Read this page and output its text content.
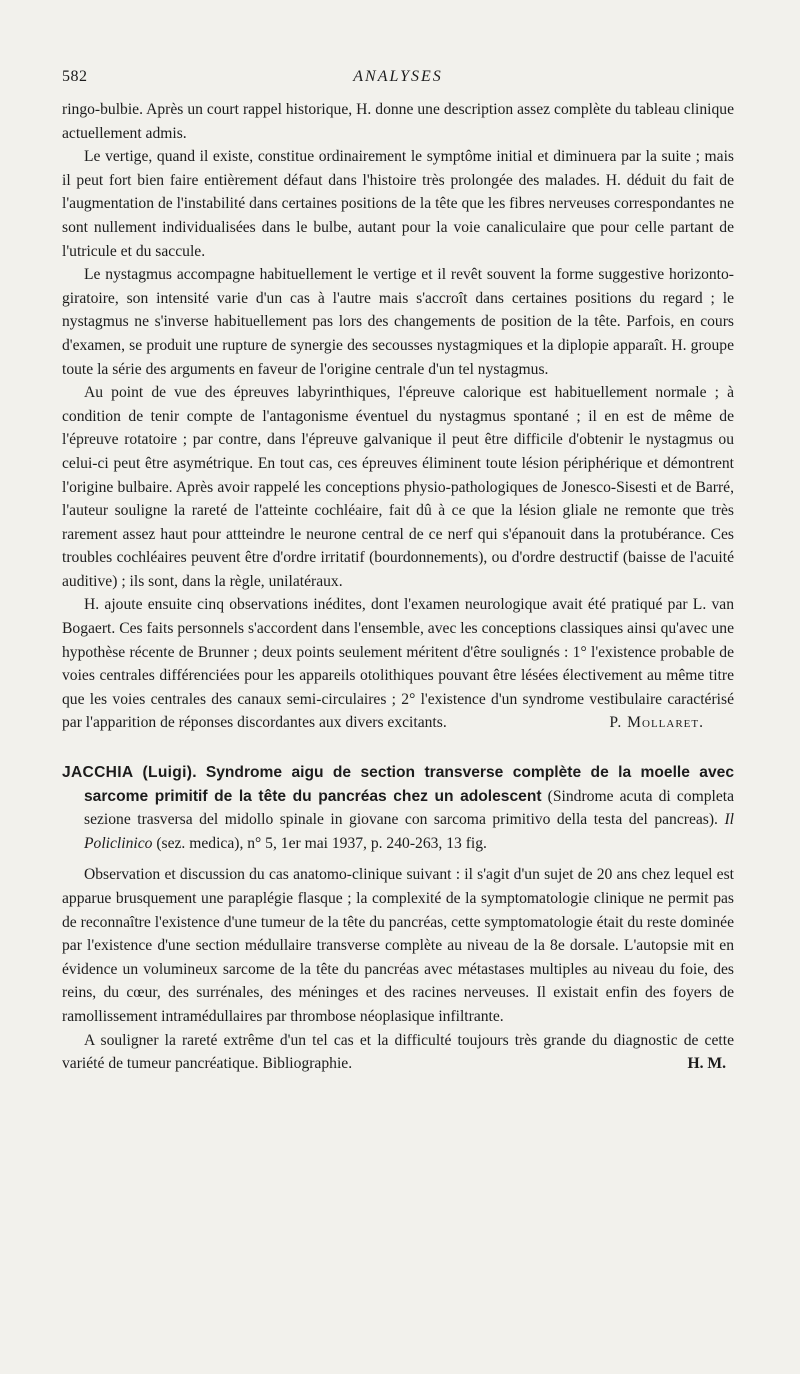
582	ANALYSES

ringo-bulbie. Après un court rappel historique, H. donne une description assez complète du tableau clinique actuellement admis.

Le vertige, quand il existe, constitue ordinairement le symptôme initial et diminuera par la suite ; mais il peut fort bien faire entièrement défaut dans l'histoire très prolongée des malades. H. déduit du fait de l'augmentation de l'instabilité dans certaines positions de la tête que les fibres nerveuses correspondantes ne sont nullement individualisées dans le bulbe, autant pour la voie canaliculaire que pour celle partant de l'utricule et du saccule.

Le nystagmus accompagne habituellement le vertige et il revêt souvent la forme suggestive horizonto-giratoire, son intensité varie d'un cas à l'autre mais s'accroît dans certaines positions du regard ; le nystagmus ne s'inverse habituellement pas lors des changements de position de la tête. Parfois, en cours d'examen, se produit une rupture de synergie des secousses nystagmiques et la diplopie apparaît. H. groupe toute la série des arguments en faveur de l'origine centrale d'un tel nystagmus.

Au point de vue des épreuves labyrinthiques, l'épreuve calorique est habituellement normale ; à condition de tenir compte de l'antagonisme éventuel du nystagmus spontané ; il en est de même de l'épreuve rotatoire ; par contre, dans l'épreuve galvanique il peut être difficile d'obtenir le nystagmus ou celui-ci peut être asymétrique. En tout cas, ces épreuves éliminent toute lésion périphérique et démontrent l'origine bulbaire. Après avoir rappelé les conceptions physio-pathologiques de Jonesco-Sisesti et de Barré, l'auteur souligne la rareté de l'atteinte cochléaire, fait dû à ce que la lésion gliale ne remonte que très rarement assez haut pour attteindre le neurone central de ce nerf qui s'épanouit dans la protubérance. Ces troubles cochléaires peuvent être d'ordre irritatif (bourdonnements), ou d'ordre destructif (baisse de l'acuité auditive) ; ils sont, dans la règle, unilatéraux.

H. ajoute ensuite cinq observations inédites, dont l'examen neurologique avait été pratiqué par L. van Bogaert. Ces faits personnels s'accordent dans l'ensemble, avec les conceptions classiques ainsi qu'avec une hypothèse récente de Brunner ; deux points seulement méritent d'être soulignés : 1° l'existence probable de voies centrales différenciées pour les appareils otolithiques pouvant être lésées électivement au même titre que les voies centrales des canaux semi-circulaires ; 2° l'existence d'un syndrome vestibulaire caractérisé par l'apparition de réponses discordantes aux divers excitants.	P. Mollaret.

JACCHIA (Luigi). Syndrome aigu de section transverse complète de la moelle avec sarcome primitif de la tête du pancréas chez un adolescent (Sindrome acuta di completa sezione trasversa del midollo spinale in giovane con sarcoma primitivo della testa del pancreas). Il Policlinico (sez. medica), n° 5, 1er mai 1937, p. 240-263, 13 fig.

Observation et discussion du cas anatomo-clinique suivant : il s'agit d'un sujet de 20 ans chez lequel est apparue brusquement une paraplégie flasque ; la complexité de la symptomatologie clinique ne permit pas de reconnaître l'existence d'une tumeur de la tête du pancréas, cette symptomatologie était du reste dominée par l'existence d'une section médullaire transverse complète au niveau de la 8e dorsale. L'autopsie mit en évidence un volumineux sarcome de la tête du pancréas avec métastases multiples au niveau du foie, des reins, du cœur, des surrénales, des méninges et des racines nerveuses. Il existait enfin des foyers de ramollissement intramédullaires par thrombose néoplasique infiltrante.

A souligner la rareté extrême d'un tel cas et la difficulté toujours très grande du diagnostic de cette variété de tumeur pancréatique. Bibliographie.	H. M.
